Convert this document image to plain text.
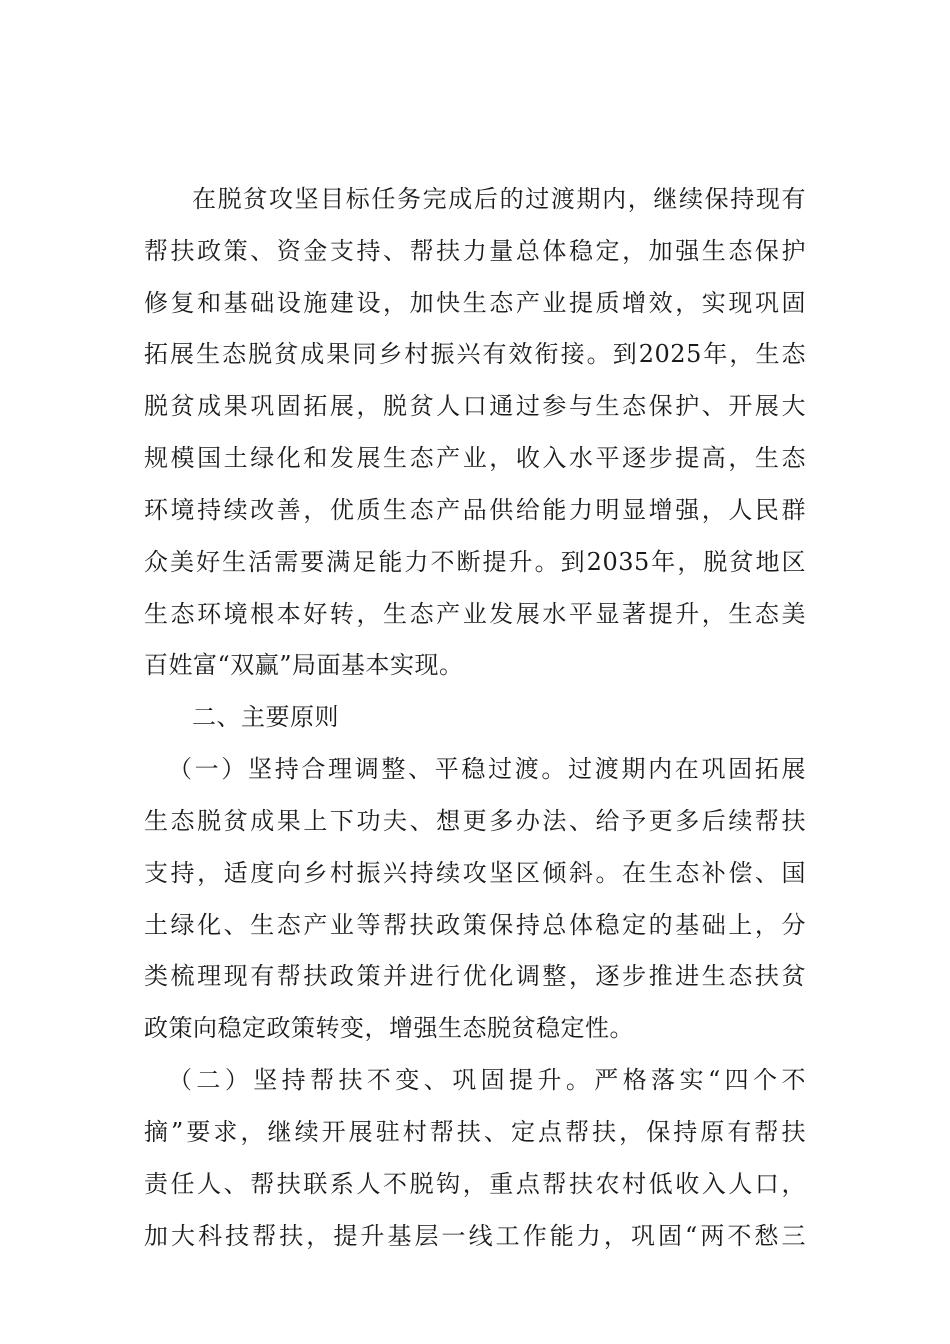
在脱贫攻坚目标任务完成后的过渡期内，继续保持现有
帮扶政策、资金支持、帮扶力量总体稳定，加强生态保护
修复和基础设施建设，加快生态产业提质增效，实现巩固
拓展生态脱贫成果同乡村振兴有效衔接。到2025年，生态
脱贫成果巩固拓展，脱贫人口通过参与生态保护、开展大
规模国土绿化和发展生态产业，收入水平逐步提高，生态
环境持续改善，优质生态产品供给能力明显增强，人民群
众美好生活需要满足能力不断提升。到2035年，脱贫地区
生态环境根本好转，生态产业发展水平显著提升，生态美
百姓富“双赢”局面基本实现。
二、主要原则
（一）坚持合理调整、平稳过渡。过渡期内在巩固拓展
生态脱贫成果上下功夫、想更多办法、给予更多后续帮扶
支持，适度向乡村振兴持续攻坚区倾斜。在生态补偿、国
土绿化、生态产业等帮扶政策保持总体稳定的基础上，分
类梳理现有帮扶政策并进行优化调整，逐步推进生态扶贫
政策向稳定政策转变，增强生态脱贫稳定性。
（二）坚持帮扶不变、巩固提升。严格落实“四个不
摘”要求，继续开展驻村帮扶、定点帮扶，保持原有帮扶
责任人、帮扶联系人不脱钩，重点帮扶农村低收入人口，
加大科技帮扶，提升基层一线工作能力，巩固“两不愁三
